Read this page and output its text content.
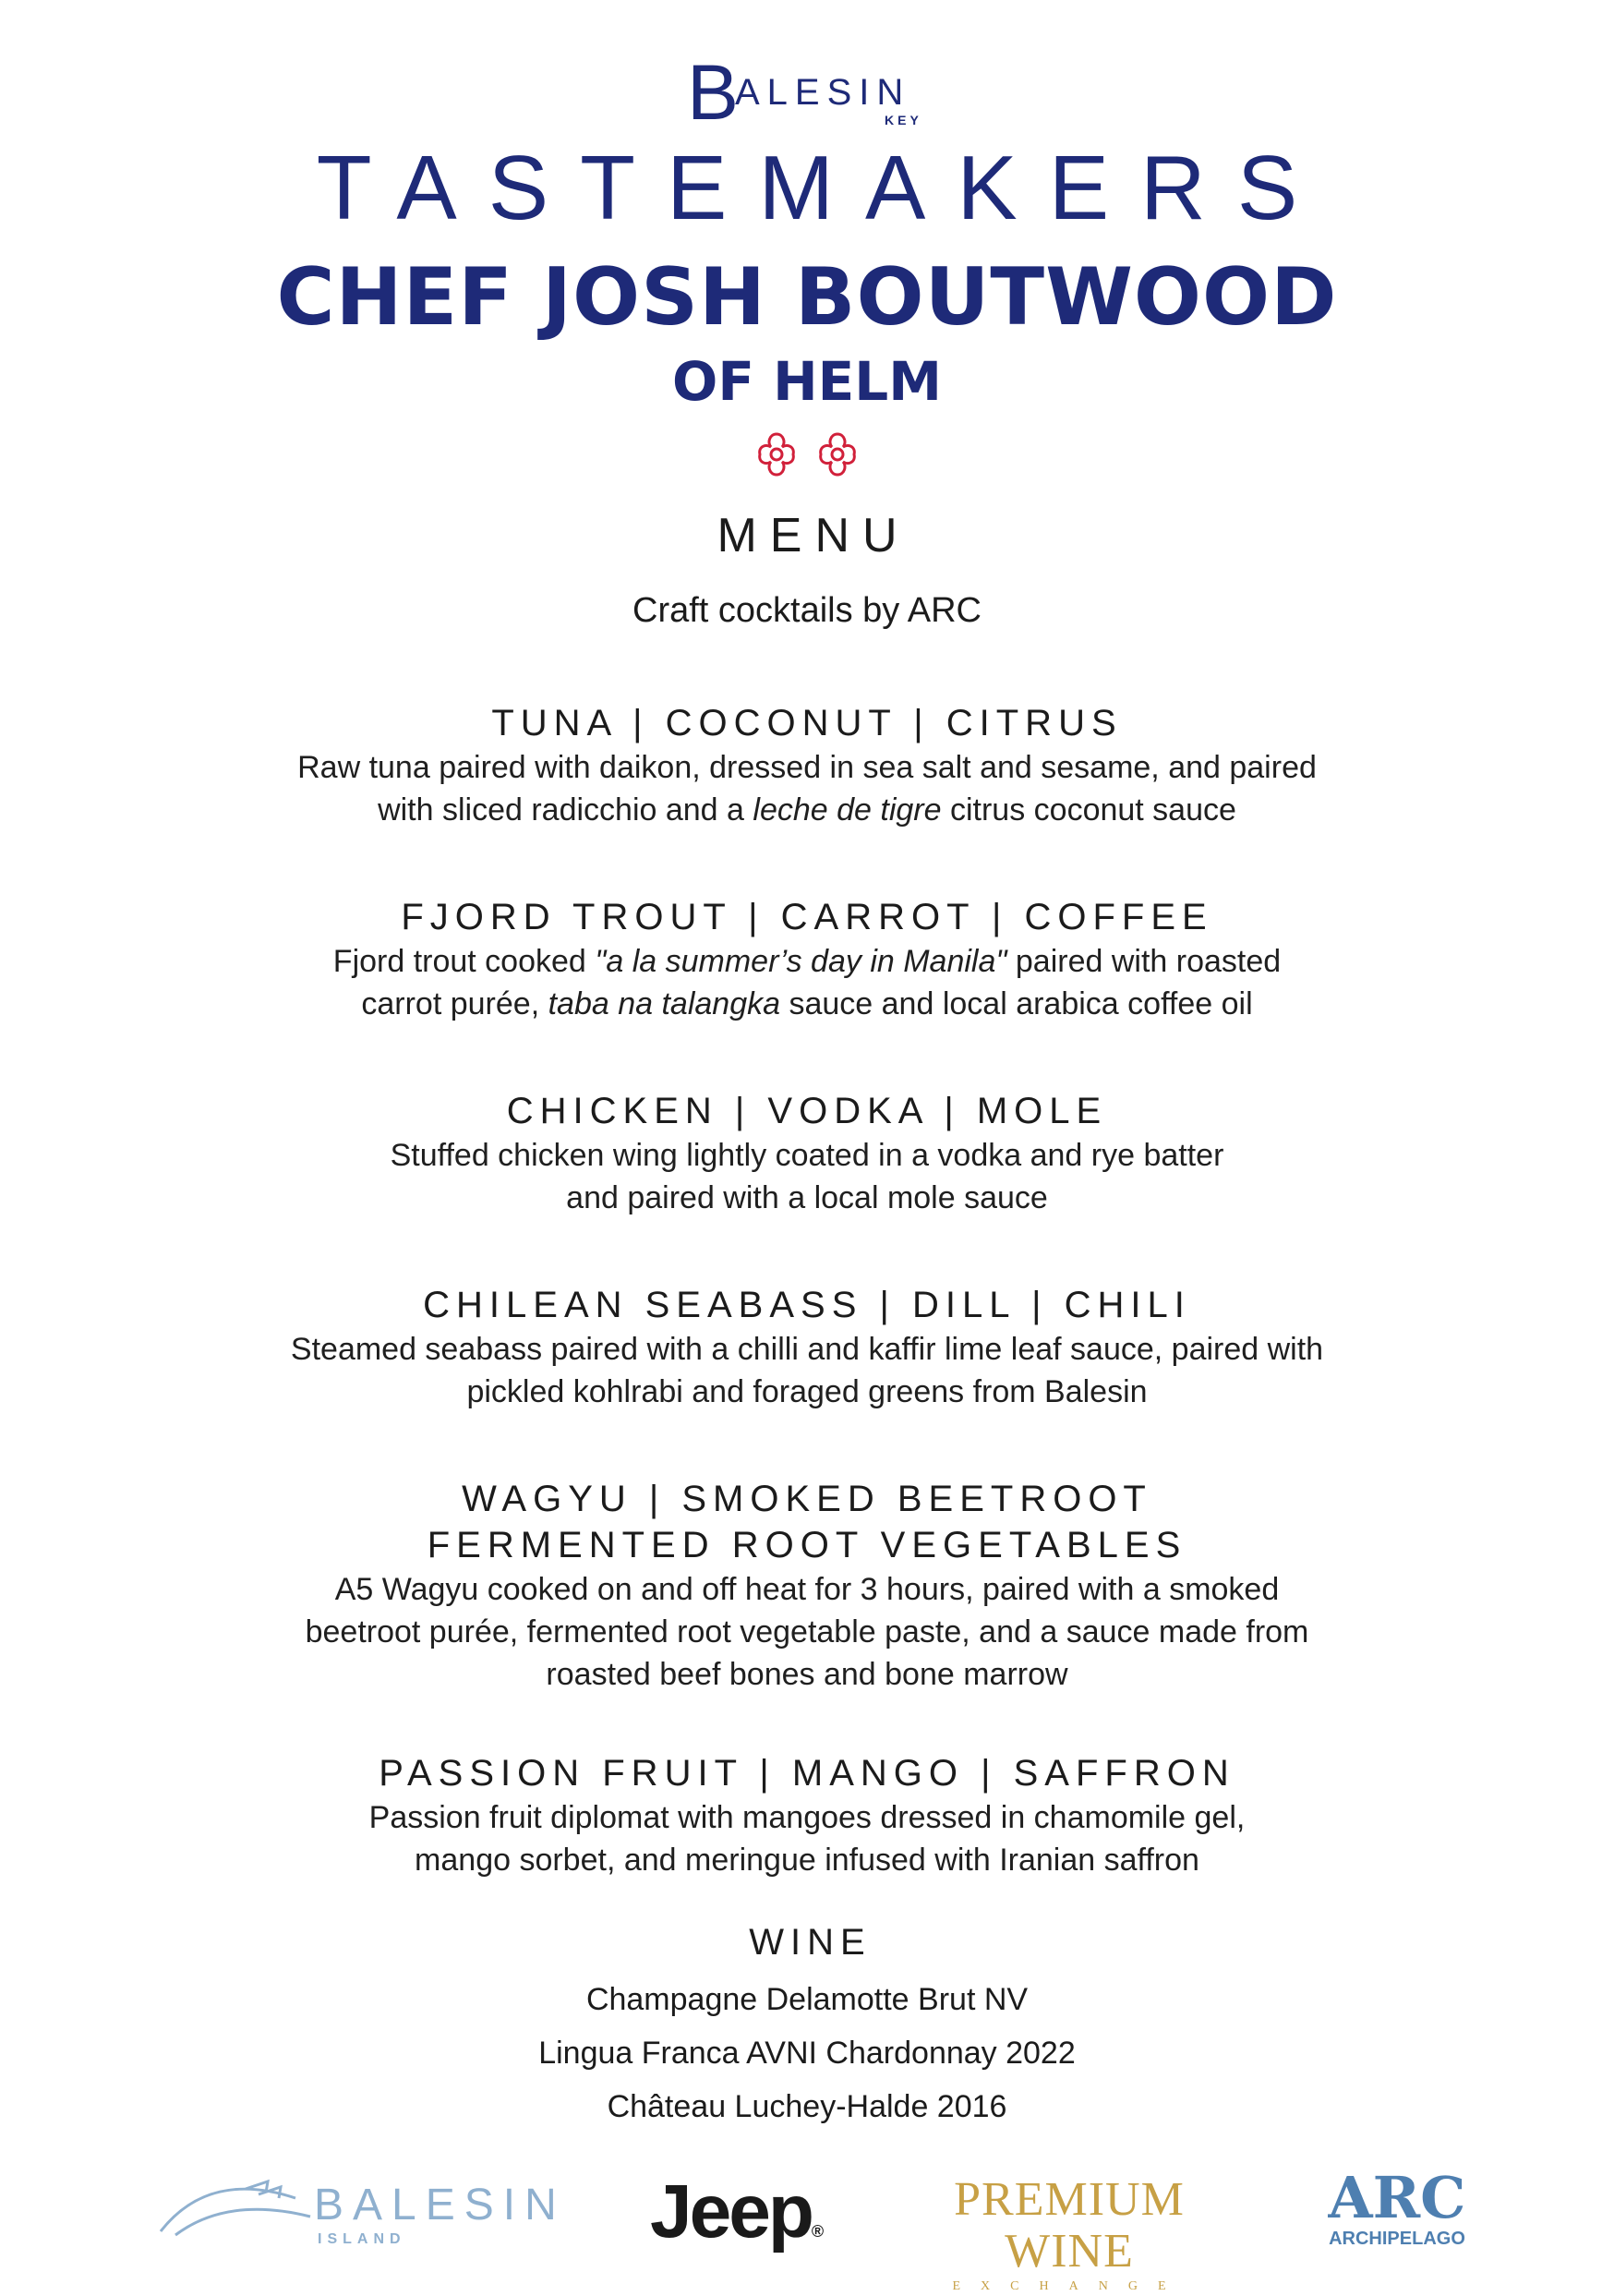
B
ALESIN
KEY
TASTEMAKERS
CHEF JOSH BOUTWOOD
OF HELM
MENU
Craft cocktails by ARC

TUNA | COCONUT | CITRUS

Raw tuna paired with daikon, dressed in sea salt and sesame, and paired

with sliced radicchio and a leche de tigre citrus coconut sauce

FJORD TROUT | CARROT | COFFEE

Fjord trout cooked "a la summer’s day in Manila" paired with roasted

carrot purée, taba na talangka sauce and local arabica coffee oil

CHICKEN | VODKA | MOLE

Stuffed chicken wing lightly coated in a vodka and rye batter

and paired with a local mole sauce

CHILEAN SEABASS | DILL | CHILI

Steamed seabass paired with a chilli and kaffir lime leaf sauce, paired with

pickled kohlrabi and foraged greens from Balesin

WAGYU | SMOKED BEETROOT

FERMENTED ROOT VEGETABLES

A5 Wagyu cooked on and off heat for 3 hours, paired with a smoked

beetroot purée, fermented root vegetable paste, and a sauce made from

roasted beef bones and bone marrow

PASSION FRUIT | MANGO | SAFFRON

Passion fruit diplomat with mangoes dressed in chamomile gel,

mango sorbet, and meringue infused with Iranian saffron

WINE
Champagne Delamotte Brut NV
Lingua Franca AVNI Chardonnay 2022
Château Luchey-Halde 2016
BALESIN
ISLAND	Jeep®
PREMIUM WINE
EXCHANGE
ARC
ARCHIPELAGO
